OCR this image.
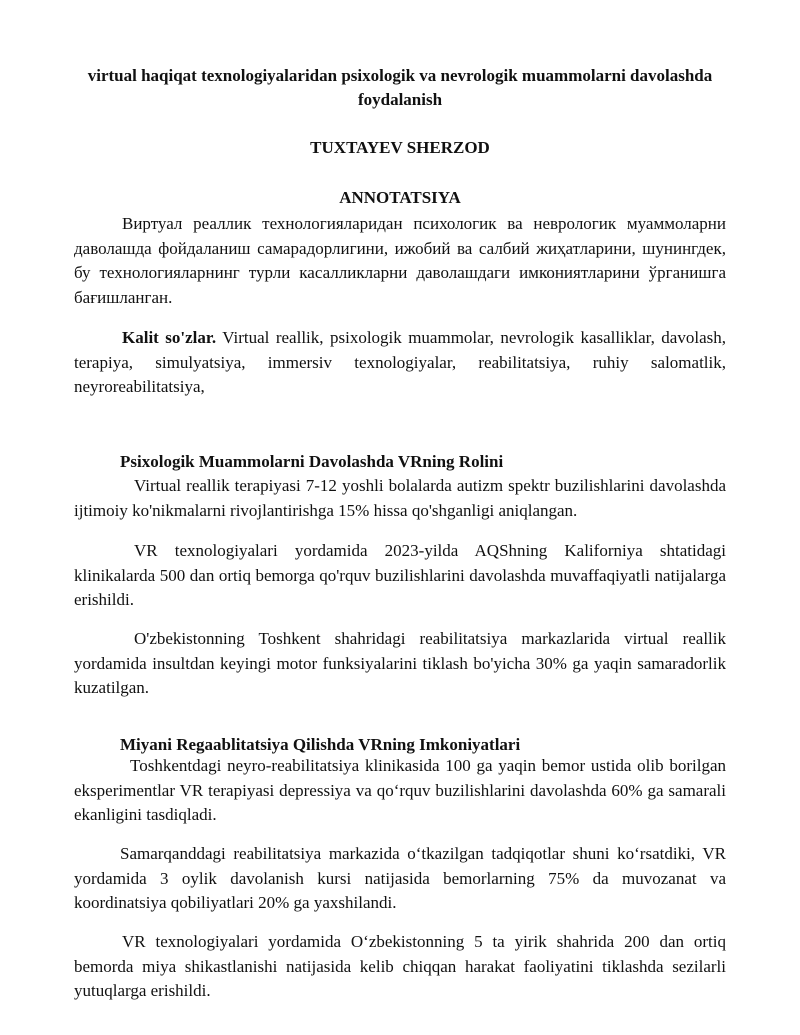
virtual haqiqat texnologiyalaridan psixologik va nevrologik muammolarni davolashda foydalanish
TUXTAYEV SHERZOD
ANNOTATSIYA

Виртуал реаллик технологияларидан психологик ва неврологик муаммоларни даволашда фойдаланиш самарадорлигини, ижобий ва салбий жиҳатларини, шунингдек, бу технологияларнинг турли касалликларни даволашдаги имкониятларини ўрганишга бағишланган.

Kalit so'zlar. Virtual reallik, psixologik muammolar, nevrologik kasalliklar, davolash, terapiya, simulyatsiya, immersiv texnologiyalar, reabilitatsiya, ruhiy salomatlik, neyroreabilitatsiya,

Psixologik Muammolarni Davolashda VRning Rolini

Virtual reallik terapiyasi 7-12 yoshli bolalarda autizm spektr buzilishlarini davolashda ijtimoiy ko'nikmalarni rivojlantirishga 15% hissa qo'shganligi aniqlangan.

VR texnologiyalari yordamida 2023-yilda AQShning Kaliforniya shtatidagi klinikalarda 500 dan ortiq bemorga qo'rquv buzilishlarini davolashda muvaffaqiyatli natijalarga erishildi.

O'zbekistonning Toshkent shahridagi reabilitatsiya markazlarida virtual reallik yordamida insultdan keyingi motor funksiyalarini tiklash bo'yicha 30% ga yaqin samaradorlik kuzatilgan.

Miyani Regaablitatsiya Qilishda VRning Imkoniyatlari

Toshkentdagi neyro-reabilitatsiya klinikasida 100 ga yaqin bemor ustida olib borilgan eksperimentlar VR terapiyasi depressiya va qo‘rquv buzilishlarini davolashda 60% ga samarali ekanligini tasdiqladi.

Samarqanddagi reabilitatsiya markazida o‘tkazilgan tadqiqotlar shuni ko‘rsatdiki, VR yordamida 3 oylik davolanish kursi natijasida bemorlarning 75% da muvozanat va koordinatsiya qobiliyatlari 20% ga yaxshilandi.

VR texnologiyalari yordamida O‘zbekistonning 5 ta yirik shahrida 200 dan ortiq bemorda miya shikastlanishi natijasida kelib chiqqan harakat faoliyatini tiklashda sezilarli yutuqlarga erishildi.
